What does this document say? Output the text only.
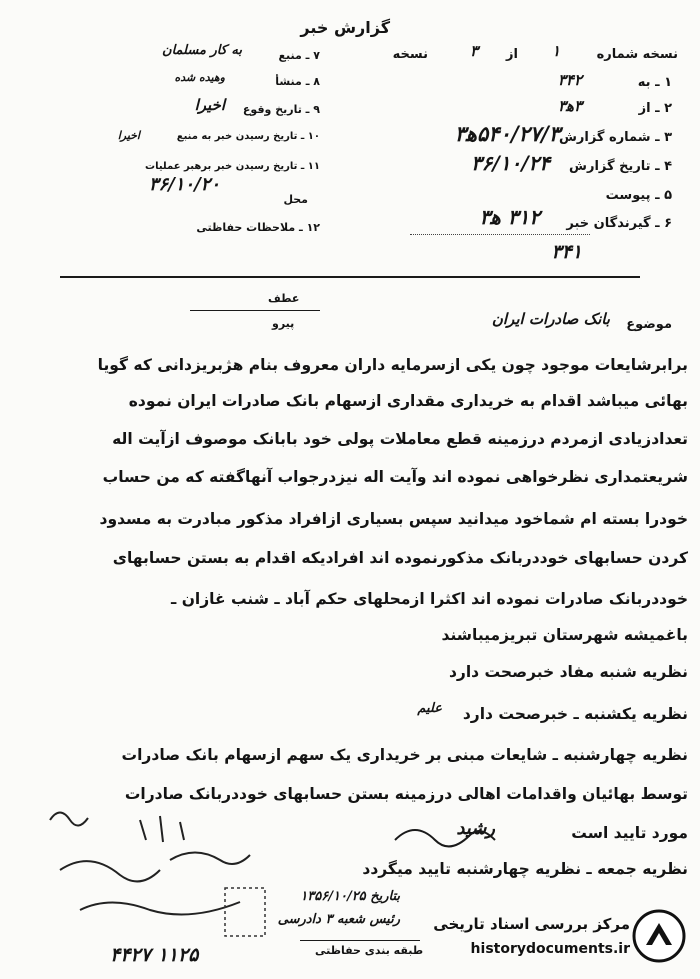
گزارش خبر
نسخه شماره
۱
از
۳
نسخه
۱ ـ به
۳۴۲
۲ ـ از
۳ه‍۳
۳ ـ شماره گزارش
۵۴۰/۲۷/۳ه‍۳
۴ ـ تاریخ گزارش
۳۶/۱۰/۲۴
۵ ـ پیوست
۶ ـ گیرندگان خبر
۳۱۲ ه‍۳
۳۴۱
۷ ـ منبع
به کار مسلمان
۸ ـ منشأ
وهیده شده
۹ ـ تاریخ وقوع
اخیرا
۱۰ ـ تاریخ رسیدن خبر به منبع
اخیرا
۱۱ ـ تاریخ رسیدن خبر برهبر عملیات
۳۶/۱۰/۲۰
محل
۱۲ ـ ملاحظات حفاظتی
عطف
پیرو	موضوع
بانک صادرات ایران
برابرشایعات موجود چون یکی ازسرمایه داران معروف بنام هژبریزدانی که گویا
بهائی میباشد اقدام به خریداری مقداری ازسهام بانک صادرات ایران نموده
تعدادزیادی ازمردم درزمینه قطع معاملات پولی خود بابانک موصوف ازآیت اله
شریعتمداری نظرخواهی نموده اند وآیت اله نیزدرجواب آنهاگفته که من حساب
خودرا بسته ام شماخود میدانید سپس بسیاری ازافراد مذکور مبادرت به مسدود
کردن حسابهای خوددربانک مذکورنموده اند افرادیکه اقدام به بستن حسابهای
خوددربانک صادرات نموده اند اکثرا ازمحلهای حکم آباد ـ شنب غازان ـ
باغمیشه شهرستان تبریزمیباشند
نظریه شنبه مفاد خبرصحت دارد
نظریه یکشنبه ـ خبرصحت دارد
نظریه چهارشنبه ـ شایعات مبنی بر خریداری یک سهم ازسهام بانک صادرات
توسط بهائیان واقدامات اهالی درزمینه بستن حسابهای خوددربانک صادرات
مورد تایید است
نظریه جمعه ـ نظریه چهارشنبه تایید میگردد
علیم
رشید
بتاریخ ۱۳۵۶/۱۰/۲۵
رئیس شعبه ۳ دادرسی
۱۱۲۵ ۴۴۲۷	طبقه بندی حفاظتی
مرکز بررسی اسناد تاریخی
historydocuments.ir
